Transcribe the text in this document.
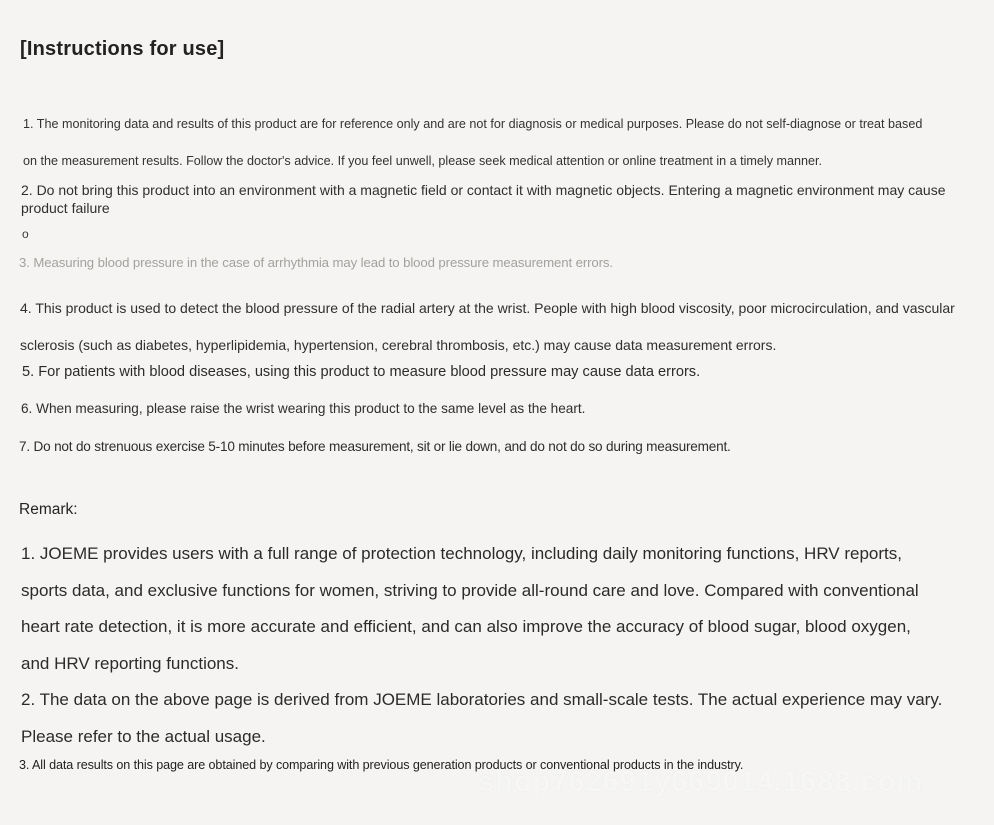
[Instructions for use]

1. The monitoring data and results of this product are for reference only and are not for diagnosis or medical purposes. Please do not self-diagnose or treat based on the measurement results. Follow the doctor's advice. If you feel unwell, please seek medical attention or online treatment in a timely manner.

2. Do not bring this product into an environment with a magnetic field or contact it with magnetic objects. Entering a magnetic environment may cause product failure

o

3. Measuring blood pressure in the case of arrhythmia may lead to blood pressure measurement errors.

4. This product is used to detect the blood pressure of the radial artery at the wrist. People with high blood viscosity, poor microcirculation, and vascular sclerosis (such as diabetes, hyperlipidemia, hypertension, cerebral thrombosis, etc.) may cause data measurement errors.

5. For patients with blood diseases, using this product to measure blood pressure may cause data errors.

6. When measuring, please raise the wrist wearing this product to the same level as the heart.

7. Do not do strenuous exercise 5-10 minutes before measurement, sit or lie down, and do not do so during measurement.

Remark:

1. JOEME provides users with a full range of protection technology, including daily monitoring functions, HRV reports, sports data, and exclusive functions for women, striving to provide all-round care and love. Compared with conventional heart rate detection, it is more accurate and efficient, and can also improve the accuracy of blood sugar, blood oxygen, and HRV reporting functions.

2. The data on the above page is derived from JOEME laboratories and small-scale tests. The actual experience may vary. Please refer to the actual usage.

3. All data results on this page are obtained by comparing with previous generation products or conventional products in the industry.

shop762691y669014.1688.com
